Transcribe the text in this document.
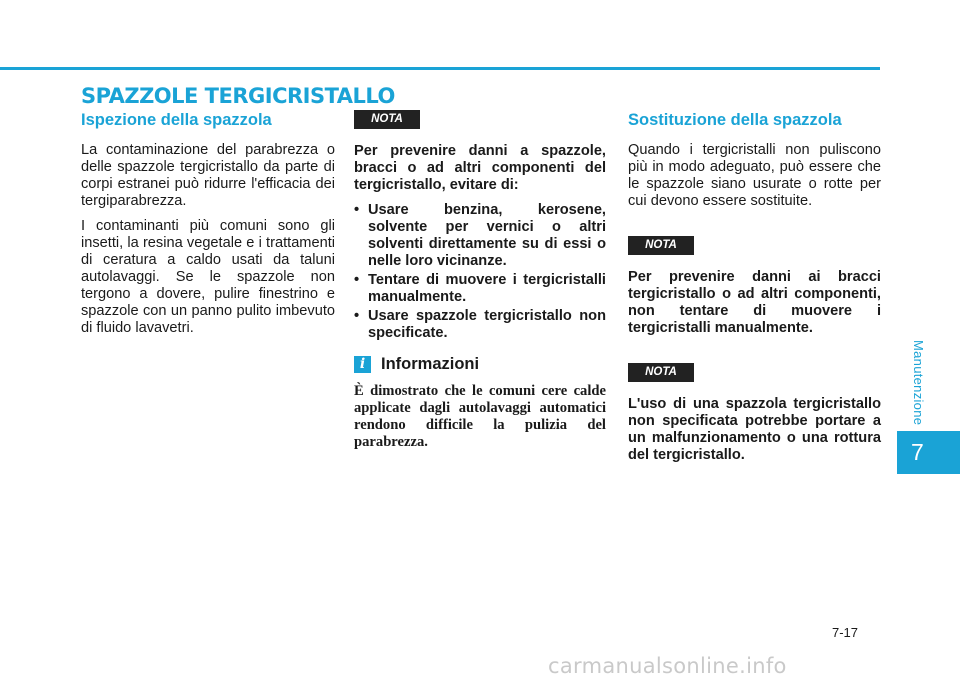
SPAZZOLE TERGICRISTALLO
Ispezione della spazzola

La contaminazione del parabrezza o delle spazzole tergicristallo da parte di corpi estranei può ridurre l'efficacia dei tergiparabrezza.

I contaminanti più comuni sono gli insetti, la resina vegetale e i trattamenti di ceratura a caldo usati da taluni autolavaggi. Se le spazzole non tergono a dovere, pulire finestrino e spazzole con un panno pulito imbevuto di fluido lavavetri.

NOTA

Per prevenire danni a spazzole, bracci o ad altri componenti del tergicristallo, evitare di:

• Usare benzina, kerosene, solvente per vernici o altri solventi direttamente su di essi o nelle loro vicinanze.
• Tentare di muovere i tergicristalli manualmente.
• Usare spazzole tergicristallo non specificate.
i Informazioni

È dimostrato che le comuni cere calde applicate dagli autolavaggi automatici rendono difficile la pulizia del parabrezza.

Sostituzione della spazzola

Quando i tergicristalli non puliscono più in modo adeguato, può essere che le spazzole siano usurate o rotte per cui devono essere sostituite.

NOTA

Per prevenire danni ai bracci tergicristallo o ad altri componenti, non tentare di muovere i tergicristalli manualmente.

NOTA

L'uso di una spazzola tergicristallo non specificata potrebbe portare a un malfunzionamento o una rottura del tergicristallo.

Manutenzione
7
7-17
carmanualsonline.info
